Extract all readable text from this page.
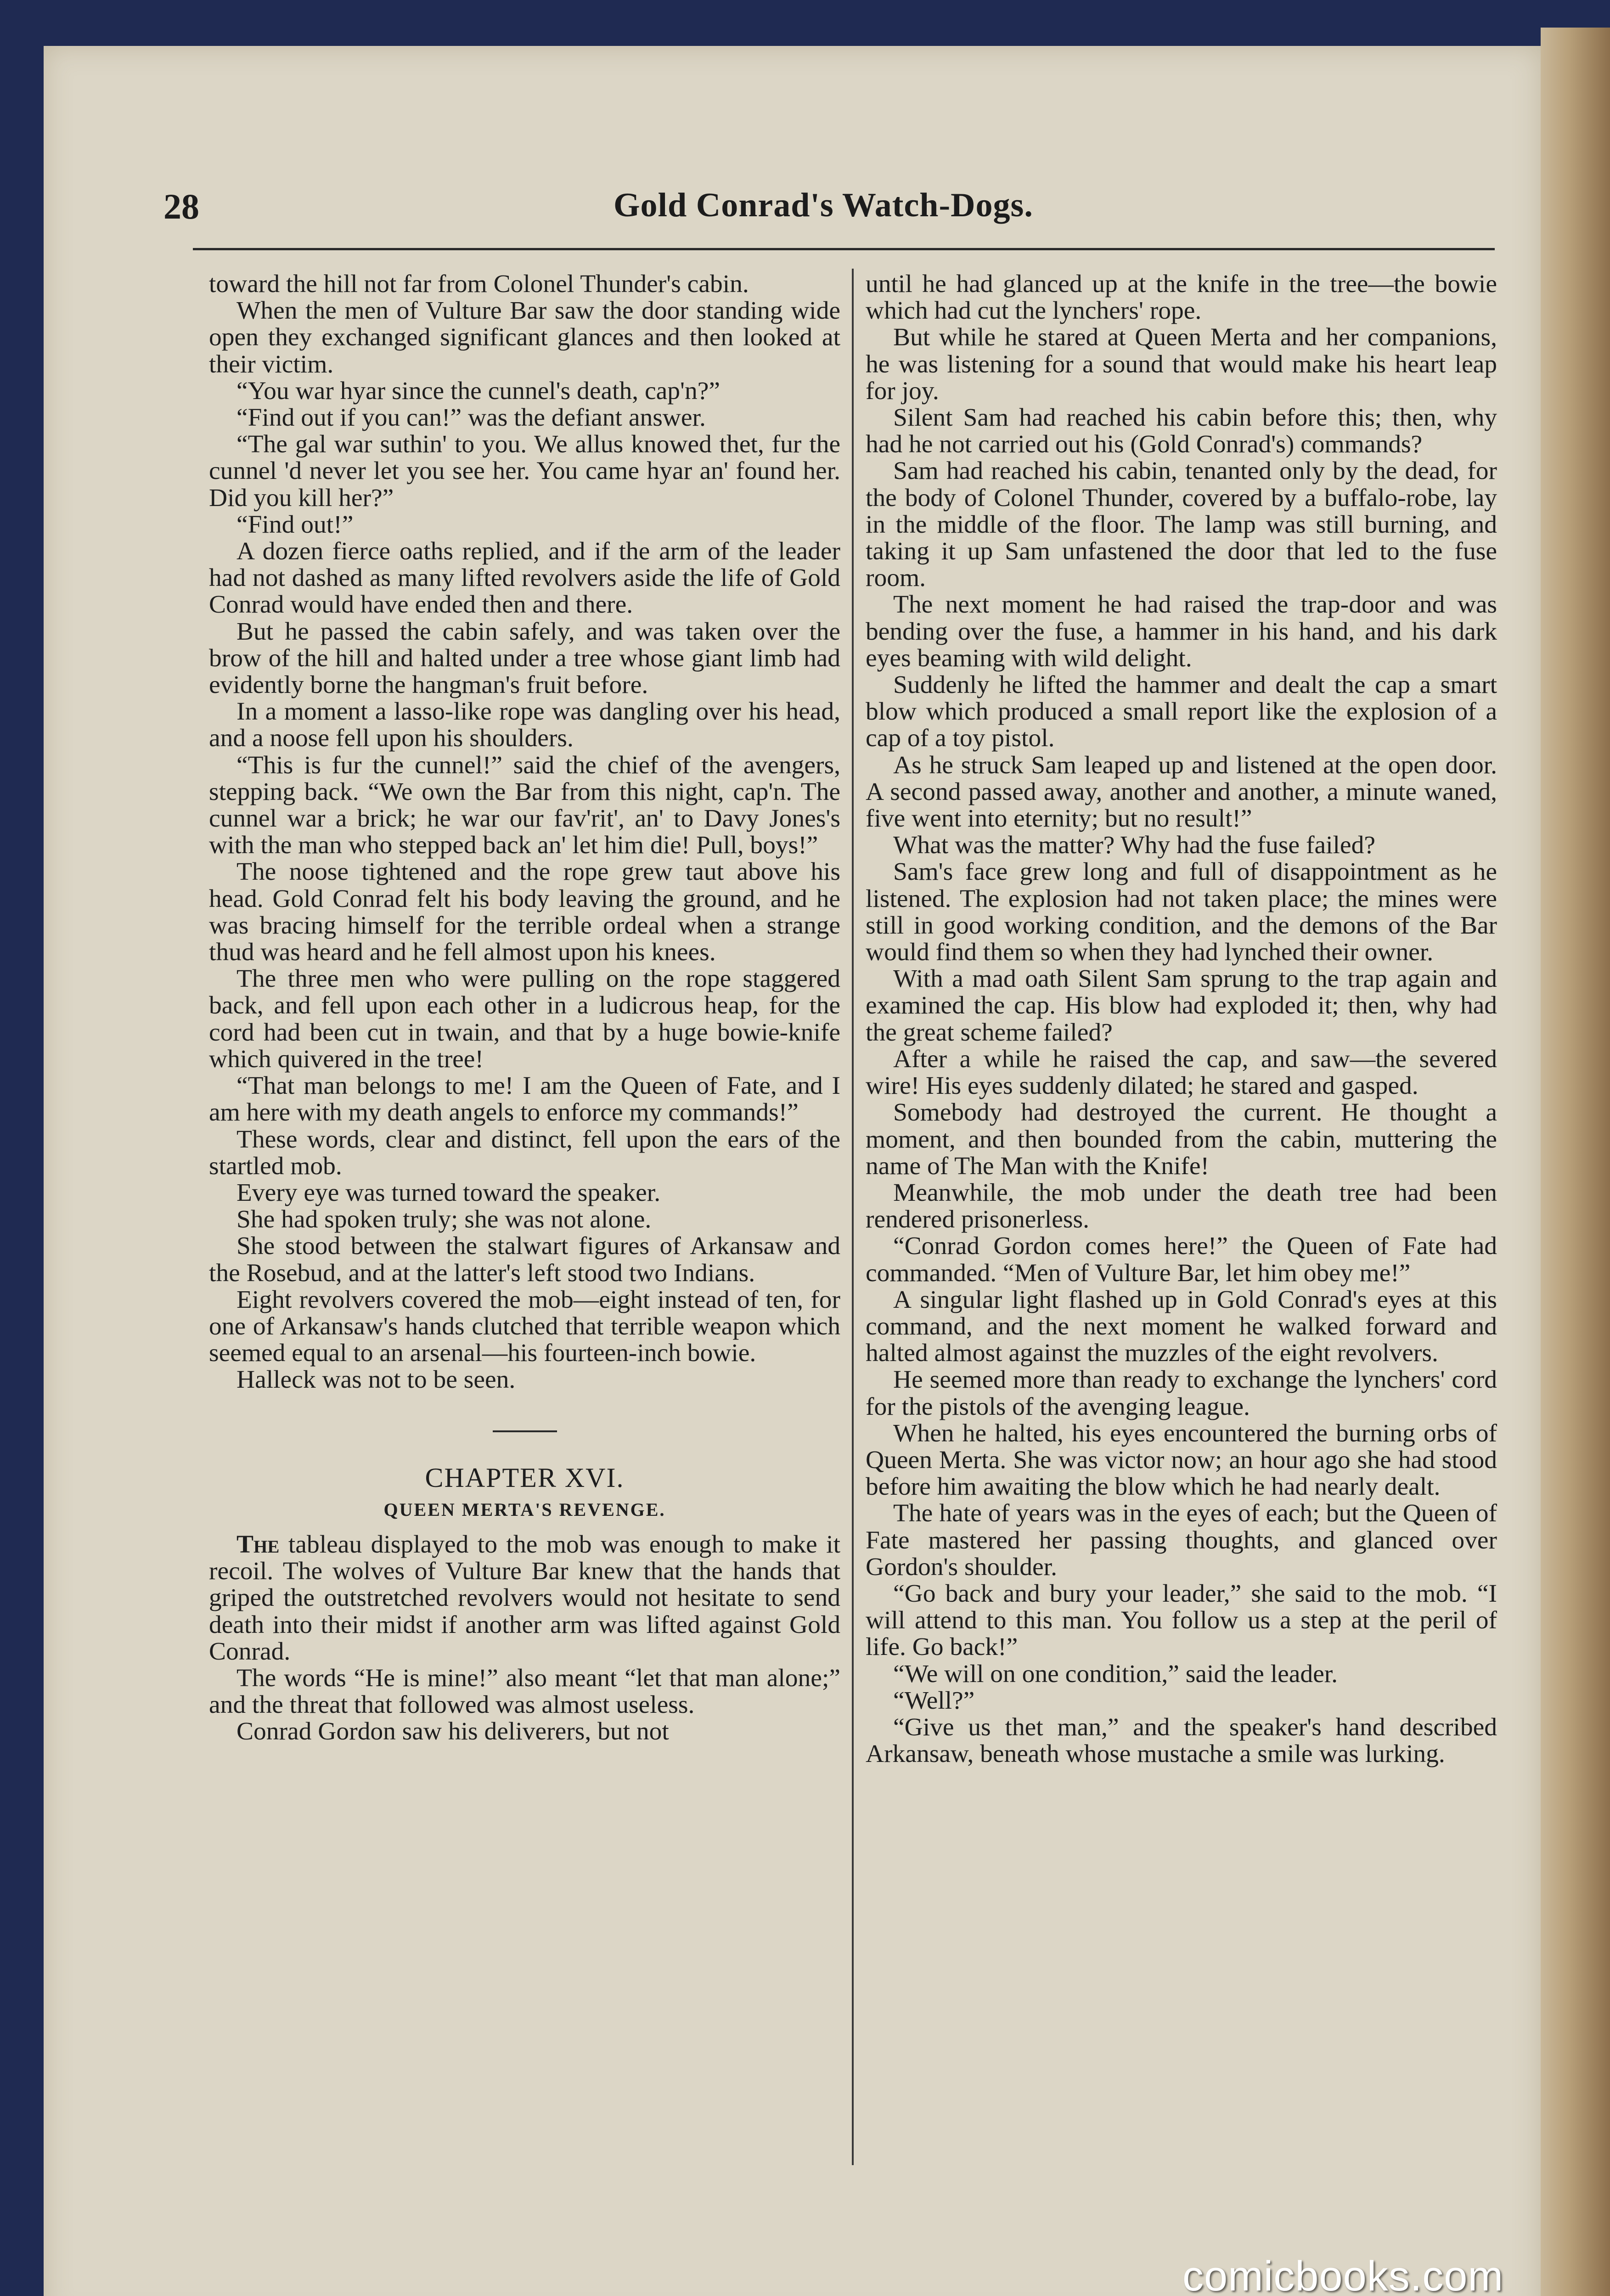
28	Gold Conrad's Watch-Dogs.

toward the hill not far from Colonel Thunder's cabin.

When the men of Vulture Bar saw the door standing wide open they exchanged significant glances and then looked at their victim.

“You war hyar since the cunnel's death, cap'n?”

“Find out if you can!” was the defiant answer.

“The gal war suthin' to you. We allus knowed thet, fur the cunnel 'd never let you see her. You came hyar an' found her. Did you kill her?”

“Find out!”

A dozen fierce oaths replied, and if the arm of the leader had not dashed as many lifted revolvers aside the life of Gold Conrad would have ended then and there.

But he passed the cabin safely, and was taken over the brow of the hill and halted under a tree whose giant limb had evidently borne the hangman's fruit before.

In a moment a lasso-like rope was dangling over his head, and a noose fell upon his shoulders.

“This is fur the cunnel!” said the chief of the avengers, stepping back. “We own the Bar from this night, cap'n. The cunnel war a brick; he war our fav'rit', an' to Davy Jones's with the man who stepped back an' let him die! Pull, boys!”

The noose tightened and the rope grew taut above his head. Gold Conrad felt his body leaving the ground, and he was bracing himself for the terrible ordeal when a strange thud was heard and he fell almost upon his knees.

The three men who were pulling on the rope staggered back, and fell upon each other in a ludicrous heap, for the cord had been cut in twain, and that by a huge bowie-knife which quivered in the tree!

“That man belongs to me! I am the Queen of Fate, and I am here with my death angels to enforce my commands!”

These words, clear and distinct, fell upon the ears of the startled mob.

Every eye was turned toward the speaker.

She had spoken truly; she was not alone.

She stood between the stalwart figures of Arkansaw and the Rosebud, and at the latter's left stood two Indians.

Eight revolvers covered the mob—eight instead of ten, for one of Arkansaw's hands clutched that terrible weapon which seemed equal to an arsenal—his fourteen-inch bowie.

Halleck was not to be seen.

CHAPTER XVI.
QUEEN MERTA'S REVENGE.

The tableau displayed to the mob was enough to make it recoil. The wolves of Vulture Bar knew that the hands that griped the outstretched revolvers would not hesitate to send death into their midst if another arm was lifted against Gold Conrad.

The words “He is mine!” also meant “let that man alone;” and the threat that followed was almost useless.

Conrad Gordon saw his deliverers, but not

until he had glanced up at the knife in the tree—the bowie which had cut the lynchers' rope.

But while he stared at Queen Merta and her companions, he was listening for a sound that would make his heart leap for joy.

Silent Sam had reached his cabin before this; then, why had he not carried out his (Gold Conrad's) commands?

Sam had reached his cabin, tenanted only by the dead, for the body of Colonel Thunder, covered by a buffalo-robe, lay in the middle of the floor. The lamp was still burning, and taking it up Sam unfastened the door that led to the fuse room.

The next moment he had raised the trap-door and was bending over the fuse, a hammer in his hand, and his dark eyes beaming with wild delight.

Suddenly he lifted the hammer and dealt the cap a smart blow which produced a small report like the explosion of a cap of a toy pistol.

As he struck Sam leaped up and listened at the open door. A second passed away, another and another, a minute waned, five went into eternity; but no result!”

What was the matter? Why had the fuse failed?

Sam's face grew long and full of disappointment as he listened. The explosion had not taken place; the mines were still in good working condition, and the demons of the Bar would find them so when they had lynched their owner.

With a mad oath Silent Sam sprung to the trap again and examined the cap. His blow had exploded it; then, why had the great scheme failed?

After a while he raised the cap, and saw—the severed wire! His eyes suddenly dilated; he stared and gasped.

Somebody had destroyed the current. He thought a moment, and then bounded from the cabin, muttering the name of The Man with the Knife!

Meanwhile, the mob under the death tree had been rendered prisonerless.

“Conrad Gordon comes here!” the Queen of Fate had commanded. “Men of Vulture Bar, let him obey me!”

A singular light flashed up in Gold Conrad's eyes at this command, and the next moment he walked forward and halted almost against the muzzles of the eight revolvers.

He seemed more than ready to exchange the lynchers' cord for the pistols of the avenging league.

When he halted, his eyes encountered the burning orbs of Queen Merta. She was victor now; an hour ago she had stood before him awaiting the blow which he had nearly dealt.

The hate of years was in the eyes of each; but the Queen of Fate mastered her passing thoughts, and glanced over Gordon's shoulder.

“Go back and bury your leader,” she said to the mob. “I will attend to this man. You follow us a step at the peril of life. Go back!”

“We will on one condition,” said the leader.

“Well?”

“Give us thet man,” and the speaker's hand described Arkansaw, beneath whose mustache a smile was lurking.

comicbooks.com
